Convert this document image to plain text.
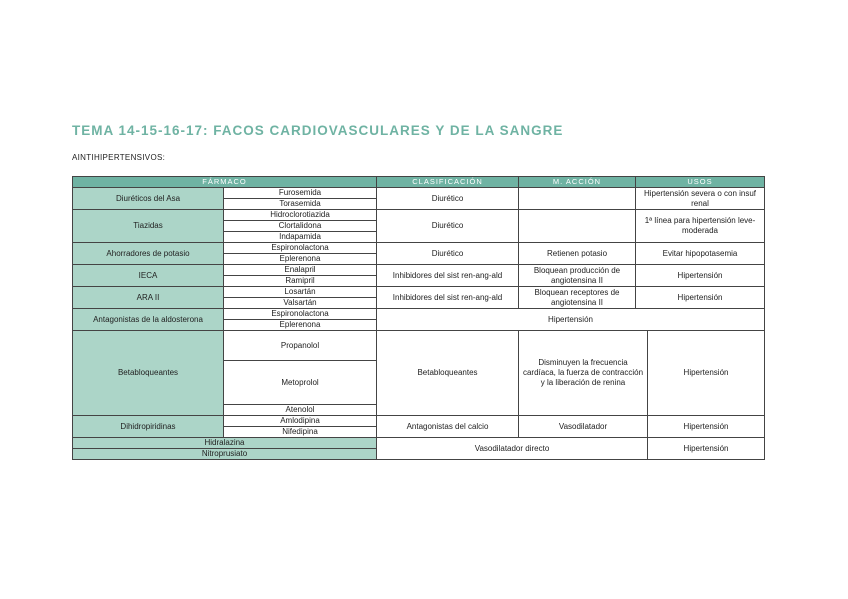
TEMA 14-15-16-17: FACOS CARDIOVASCULARES Y DE LA SANGRE
AINTIHIPERTENSIVOS:
FÁRMACO		CLASIFICACIÓN	M. ACCIÓN	USOS	
Diuréticos del Asa	Furosemida	Diurético		Hipertensión severa o con insuf renal	
	Torasemida				
Tiazidas	Hidroclorotiazida	Diurético		1ª línea para hipertensión leve-moderada	
	Clortalidona				
	Indapamida				
Ahorradores de potasio	Espironolactona	Diurético	Retienen potasio	Evitar hipopotasemia	
	Eplerenona				
IECA	Enalapril	Inhibidores del sist ren-ang-ald	Bloquean producción de angiotensina II	Hipertensión	
	Ramipril				
ARA II	Losartán	Inhibidores del sist ren-ang-ald	Bloquean receptores de angiotensina II	Hipertensión	
	Valsartán				
Antagonistas de la aldosterona	Espironolactona	Hipertensión			
	Eplerenona				
Betabloqueantes	Propanolol	Betabloqueantes	Disminuyen la frecuencia cardíaca, la fuerza de contracción y la liberación de renina		Hipertensión
	Metoprolol				
	Atenolol				
Dihidropiridinas	Amlodipina	Antagonistas del calcio	Vasodilatador		Hipertensión
	Nifedipina				
Hidralazina		Vasodilatador directo			Hipertensión
Nitroprusiato					
